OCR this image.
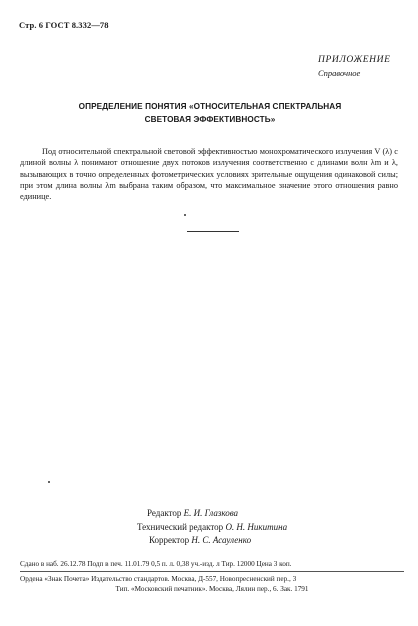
Стр. 6 ГОСТ 8.332—78
ПРИЛОЖЕНИЕ
Справочное
ОПРЕДЕЛЕНИЕ ПОНЯТИЯ «ОТНОСИТЕЛЬНАЯ СПЕКТРАЛЬНАЯ
СВЕТОВАЯ ЭФФЕКТИВНОСТЬ»

Под относительной спектральной световой эффективностью монохроматического излучения V (λ) с длиной волны λ понимают отношение двух потоков излучения соответственно с длинами волн λm и λ, вызывающих в точно определенных фотометрических условиях зрительные ощущения одинаковой силы; при этом длина волны λm выбрана таким образом, что максимальное значение этого отношения равно единице.

Редактор Е. И. Глазкова
Технический редактор О. Н. Никитина
Корректор Н. С. Асауленко
Сдано в наб. 26.12.78 Подп в печ. 11.01.79 0,5 п. л. 0,38 уч.-изд. л Тир. 12000 Цена 3 коп.
Ордена «Знак Почета» Издательство стандартов. Москва, Д-557, Новопресненский пер., 3
Тип. «Московский печатник». Москва, Лялин пер., 6. Зак. 1791
